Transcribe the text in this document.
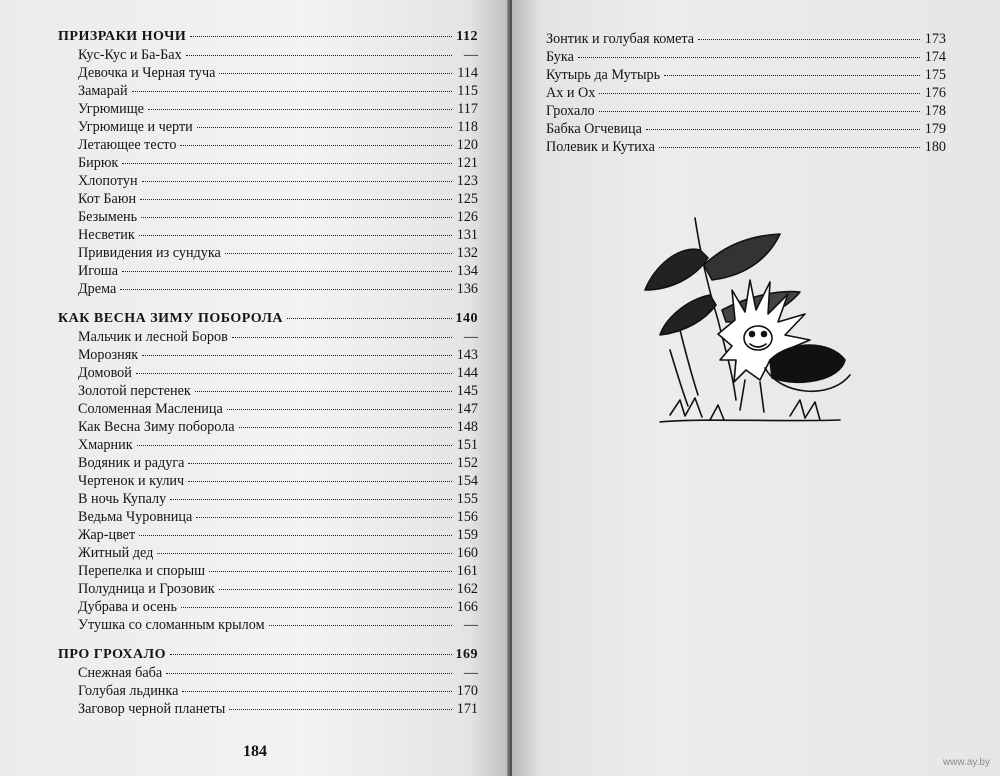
ПРИЗРАКИ НОЧИ	112
Кус-Кус и Ба-Бах	—
Девочка и Черная туча	114
Замарай	115
Угрюмище	117
Угрюмище и черти	118
Летающее тесто	120
Бирюк	121
Хлопотун	123
Кот Баюн	125
Безымень	126
Несветик	131
Привидения из сундука	132
Игоша	134
Дрема	136
КАК ВЕСНА ЗИМУ ПОБОРОЛА	140
Мальчик и лесной Боров	—
Морозняк	143
Домовой	144
Золотой перстенек	145
Соломенная Масленица	147
Как Весна Зиму поборола	148
Хмарник	151
Водяник и радуга	152
Чертенок и кулич	154
В ночь Купалу	155
Ведьма Чуровница	156
Жар-цвет	159
Житный дед	160
Перепелка и спорыш	161
Полудница и Грозовик	162
Дубрава и осень	166
Утушка со сломанным крылом	—
ПРО ГРОХАЛО	169
Снежная баба	—
Голубая льдинка	170
Заговор черной планеты	171
184
Зонтик и голубая комета	173
Бука	174
Кутырь да Мутырь	175
Ах и Ох	176
Грохало	178
Бабка Огчевица	179
Полевик и Кутиха	180
www.ay.by
